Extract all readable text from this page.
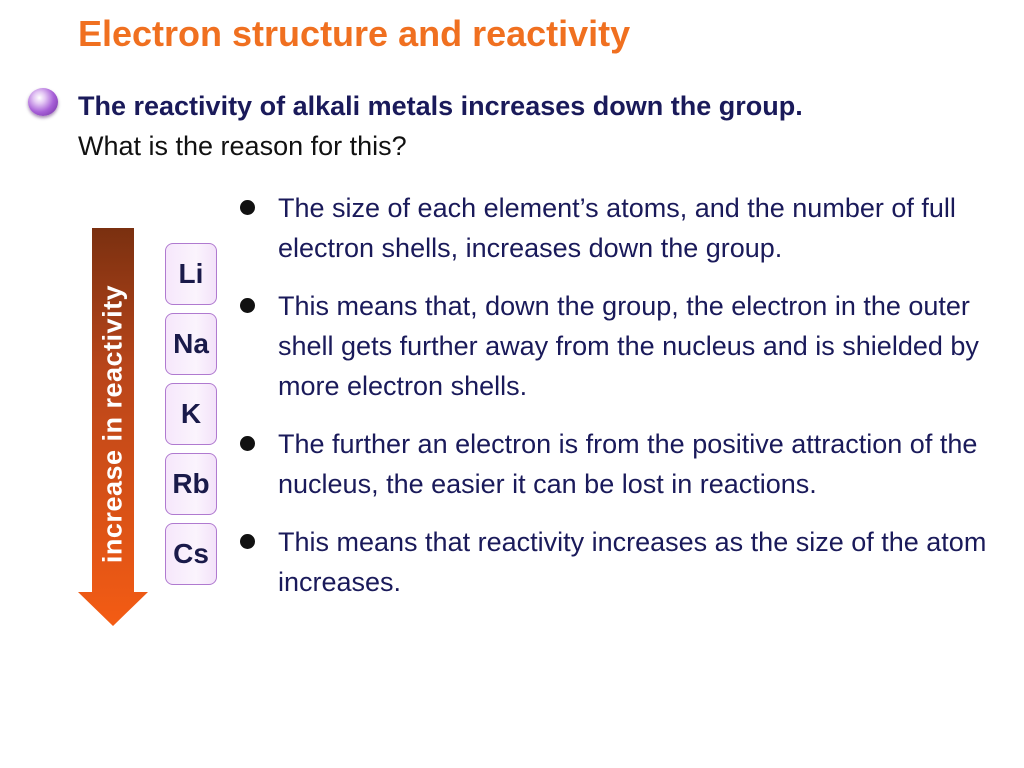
Electron structure and reactivity
The reactivity of alkali metals increases down the group.
What is the reason for this?
increase in reactivity
Li
Na
K
Rb
Cs
The size of each element’s atoms, and the number of full electron shells, increases down the group.
This means that, down the group, the electron in the outer shell gets further away from the nucleus and is shielded by more electron shells.
The further an electron is from the positive attraction of the nucleus, the easier it can be lost in reactions.
This means that reactivity increases as the size of the atom increases.
